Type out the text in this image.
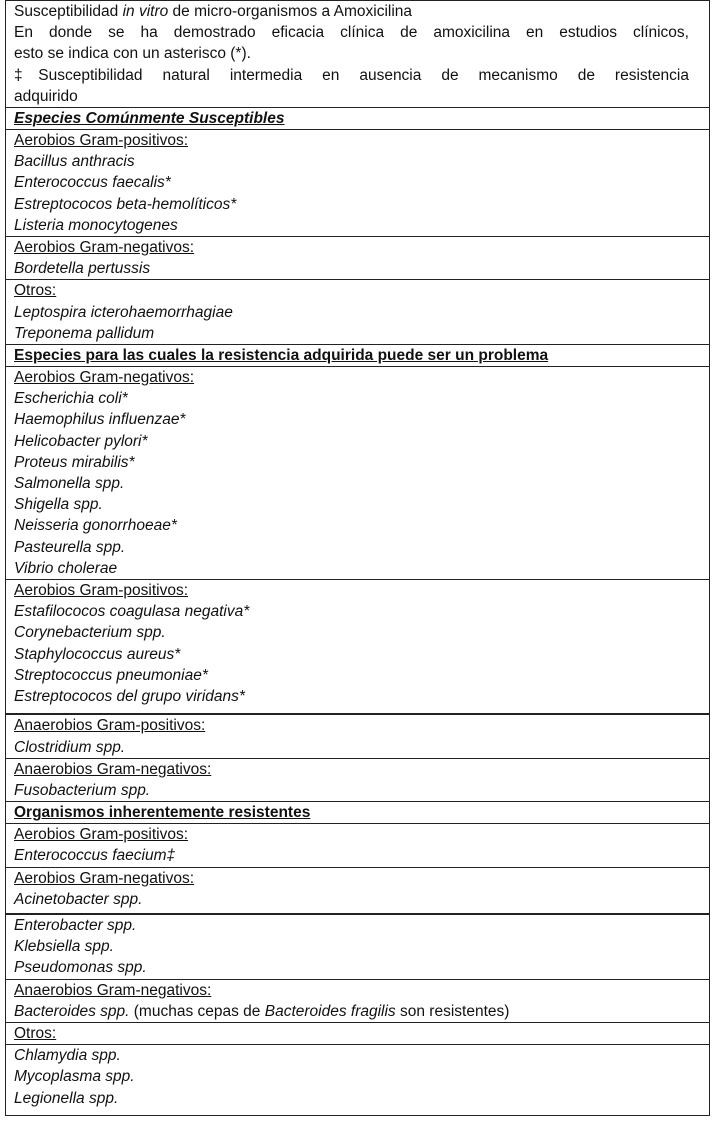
Susceptibilidad in vitro de micro-organismos a Amoxicilina
En donde se ha demostrado eficacia clínica de amoxicilina en estudios clínicos,
esto se indica con un asterisco (*).
‡Susceptibilidad natural intermedia en ausencia de mecanismo de resistencia
adquirido
Especies Comúnmente Susceptibles
Aerobios Gram-positivos:
Bacillus anthracis
Enterococcus faecalis*
Estreptococos beta-hemolíticos*
Listeria monocytogenes
Aerobios Gram-negativos:
Bordetella pertussis
Otros:
Leptospira icterohaemorrhagiae
Treponema pallidum
Especies para las cuales la resistencia adquirida puede ser un problema
Aerobios Gram-negativos:
Escherichia coli*
Haemophilus influenzae*
Helicobacter pylori*
Proteus mirabilis*
Salmonella spp.
Shigella spp.
Neisseria gonorrhoeae*
Pasteurella spp.
Vibrio cholerae
Aerobios Gram-positivos:
Estafilococos coagulasa negativa*
Corynebacterium spp.
Staphylococcus aureus*
Streptococcus pneumoniae*
Estreptococos del grupo viridans*
Anaerobios Gram-positivos:
Clostridium spp.
Anaerobios Gram-negativos:
Fusobacterium spp.
Organismos inherentemente resistentes
Aerobios Gram-positivos:
Enterococcus faecium‡
Aerobios Gram-negativos:
Acinetobacter spp.
Enterobacter spp.
Klebsiella spp.
Pseudomonas spp.
Anaerobios Gram-negativos:
Bacteroides spp. (muchas cepas de Bacteroides fragilis son resistentes)
Otros:
Chlamydia spp.
Mycoplasma spp.
Legionella spp.
